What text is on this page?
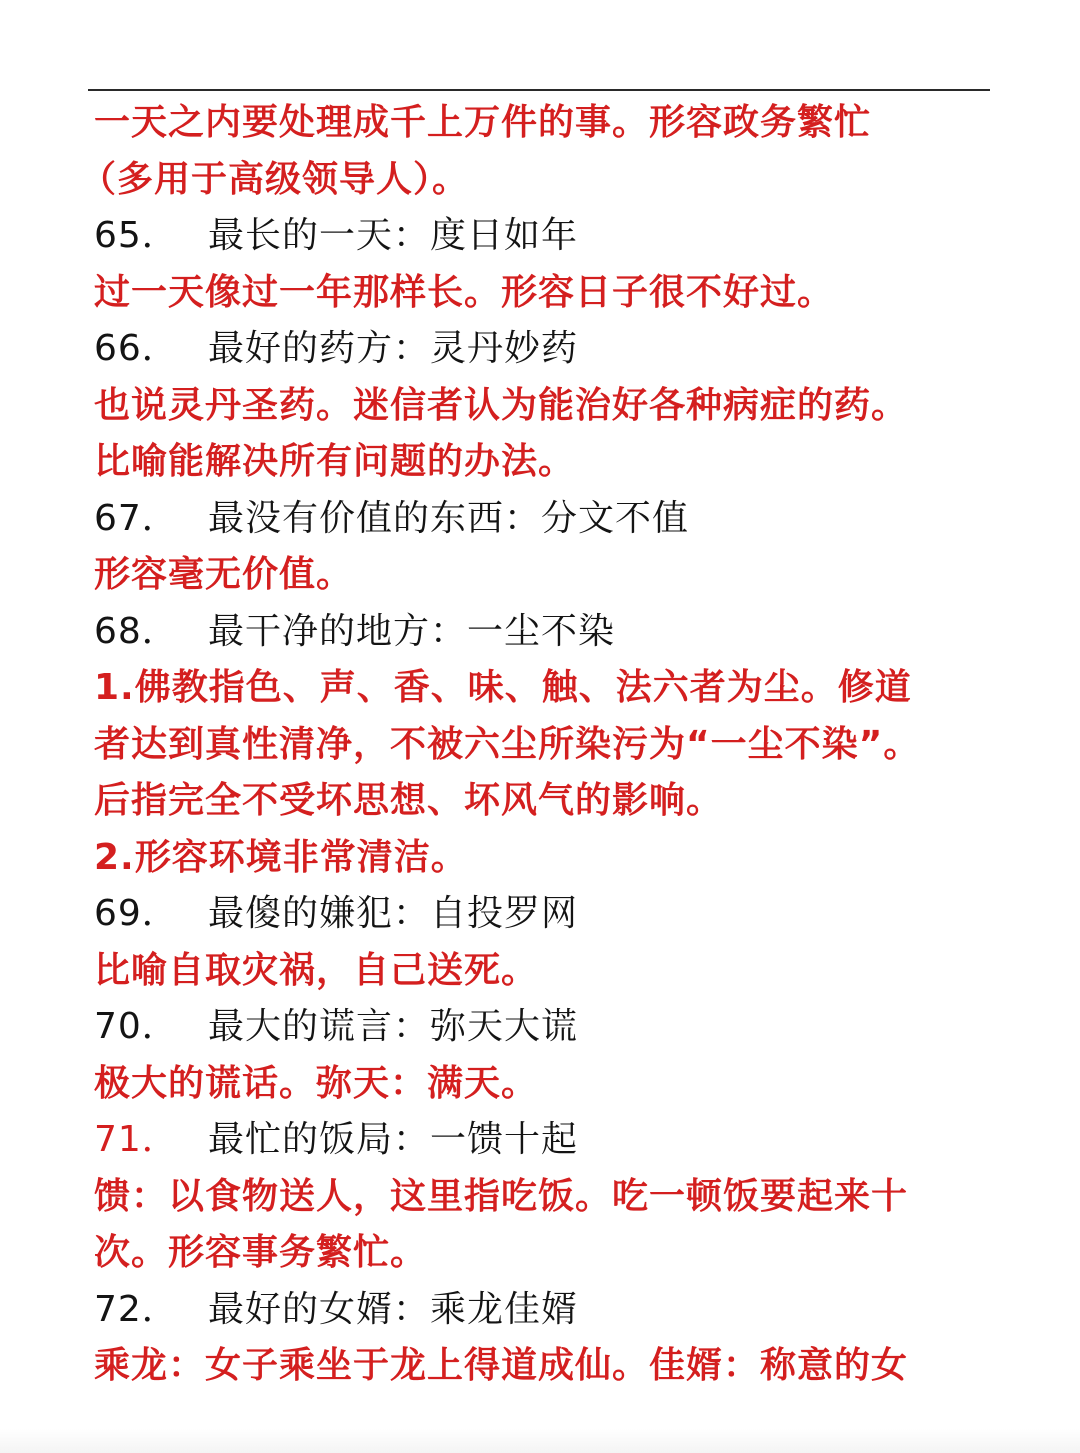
一天之内要处理成千上万件的事。形容政务繁忙
（多用于高级领导人）。
65． 最长的一天：度日如年
过一天像过一年那样长。形容日子很不好过。
66． 最好的药方：灵丹妙药
也说灵丹圣药。迷信者认为能治好各种病症的药。
比喻能解决所有问题的办法。
67． 最没有价值的东西：分文不值
形容毫无价值。
68． 最干净的地方：一尘不染
1.佛教指色、声、香、味、触、法六者为尘。修道
者达到真性清净，不被六尘所染污为“一尘不染”。
后指完全不受坏思想、坏风气的影响。
2.形容环境非常清洁。
69． 最傻的嫌犯：自投罗网
比喻自取灾祸，自己送死。
70． 最大的谎言：弥天大谎
极大的谎话。弥天：满天。
71． 最忙的饭局：一馈十起
馈：以食物送人，这里指吃饭。吃一顿饭要起来十
次。形容事务繁忙。
72． 最好的女婿：乘龙佳婿
乘龙：女子乘坐于龙上得道成仙。佳婿：称意的女
